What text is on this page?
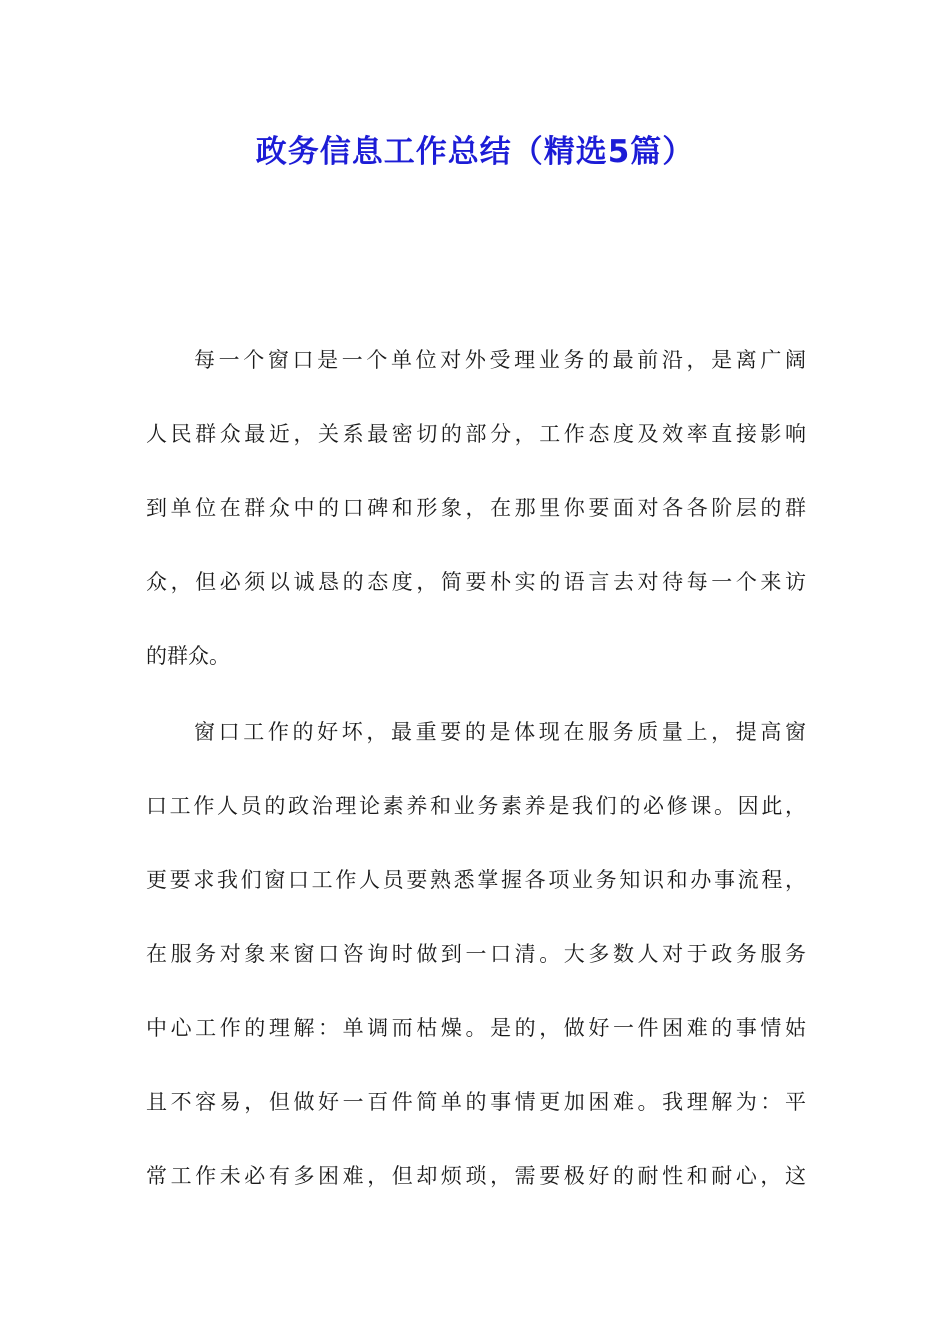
政务信息工作总结（精选5篇）
每一个窗口是一个单位对外受理业务的最前沿，是离广阔
人民群众最近，关系最密切的部分，工作态度及效率直接影响
到单位在群众中的口碑和形象，在那里你要面对各各阶层的群
众，但必须以诚恳的态度，简要朴实的语言去对待每一个来访
的群众。
窗口工作的好坏，最重要的是体现在服务质量上，提高窗
口工作人员的政治理论素养和业务素养是我们的必修课。因此，
更要求我们窗口工作人员要熟悉掌握各项业务知识和办事流程，
在服务对象来窗口咨询时做到一口清。大多数人对于政务服务
中心工作的理解：单调而枯燥。是的，做好一件困难的事情姑
且不容易，但做好一百件简单的事情更加困难。我理解为：平
常工作未必有多困难，但却烦琐，需要极好的耐性和耐心，这
